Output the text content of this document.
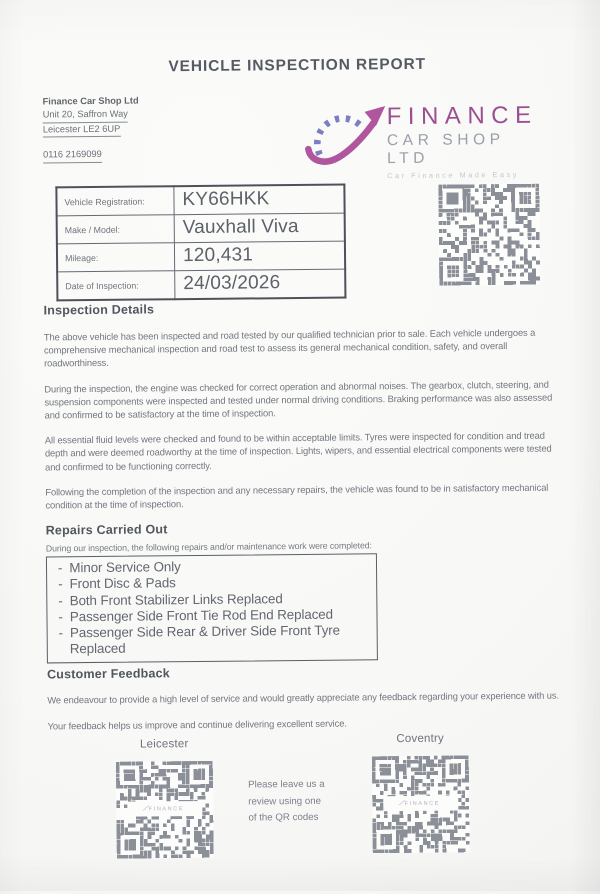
VEHICLE INSPECTION REPORT
Finance Car Shop Ltd
Unit 20, Saffron Way
Leicester LE2 6UP
0116 2169099
FINANCE
CAR SHOP LTD
Car Finance Made Easy
Vehicle Registration:	KY66HKK
Make / Model:	Vauxhall Viva
Mileage:	120,431
Date of Inspection:	24/03/2026
Inspection Details

The above vehicle has been inspected and road tested by our qualified technician prior to sale. Each vehicle undergoes a comprehensive mechanical inspection and road test to assess its general mechanical condition, safety, and overall roadworthiness.

During the inspection, the engine was checked for correct operation and abnormal noises. The gearbox, clutch, steering, and suspension components were inspected and tested under normal driving conditions. Braking performance was also assessed and confirmed to be satisfactory at the time of inspection.

All essential fluid levels were checked and found to be within acceptable limits. Tyres were inspected for condition and tread depth and were deemed roadworthy at the time of inspection. Lights, wipers, and essential electrical components were tested and confirmed to be functioning correctly.

Following the completion of the inspection and any necessary repairs, the vehicle was found to be in satisfactory mechanical condition at the time of inspection.

Repairs Carried Out

During our inspection, the following repairs and/or maintenance work were completed:

- Minor Service Only
- Front Disc & Pads
- Both Front Stabilizer Links Replaced
- Passenger Side Front Tie Rod End Replaced
- Passenger Side Rear & Driver Side Front Tyre Replaced
Customer Feedback

We endeavour to provide a high level of service and would greatly appreciate any feedback regarding your experience with us.

Your feedback helps us improve and continue delivering excellent service.

Leicester	Coventry
∕ FINANCE
∕ FINANCE
Please leave us a
review using one
of the QR codes
